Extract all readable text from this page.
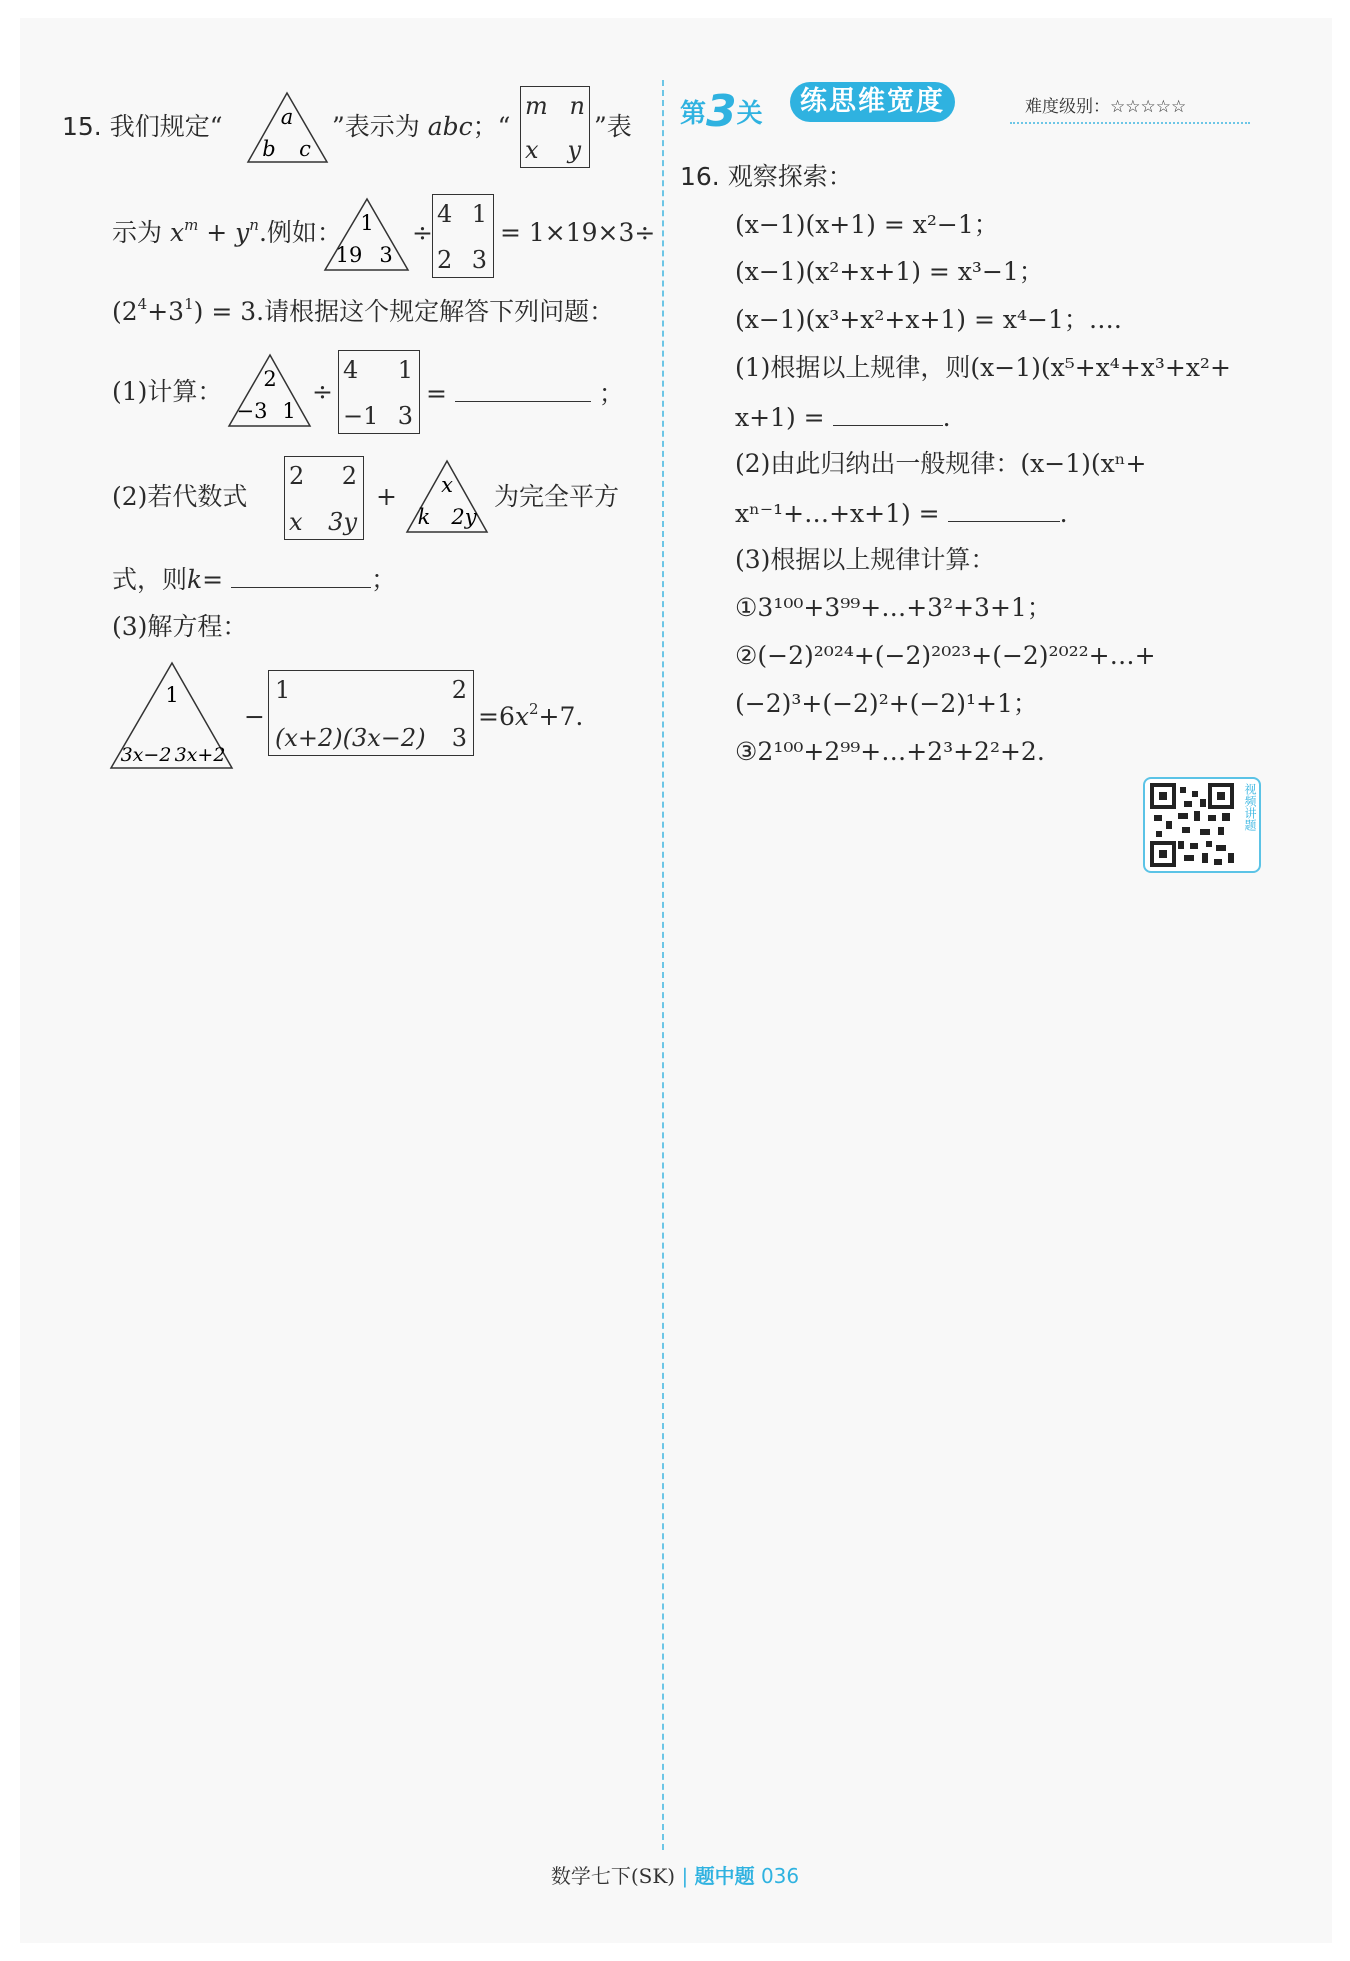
15. 我们规定“	a
b c
”表示为 abc；“
m n
x y
”表
示为 $x^m + y^n$.例如： 1
19 3
÷
4 1
2 3
= 1×19×3÷
$(2^4+3^1) = 3$.请根据这个规定解答下列问题：
(1)计算： 2
−3 1
÷
4 1
−1 3
=	；
(2)若代数式
2 2
x 3y
+ x
k 2y
为完全平方
式，则k=	；
(3)解方程：
1
3x−2 3x+2
−
1	2
(x+2)(3x−2) 3
$=6x^2+7$.
第3关	练思维宽度	难度级别：☆☆☆☆☆
16. 观察探索：
(x−1)(x+1) = x²−1；
(x−1)(x²+x+1) = x³−1；
(x−1)(x³+x²+x+1) = x⁴−1；….
(1)根据以上规律，则(x−1)(x⁵+x⁴+x³+x²+
x+1) =	.
(2)由此归纳出一般规律：(x−1)(xⁿ+
xⁿ⁻¹+…+x+1) =	.
(3)根据以上规律计算：
①3¹⁰⁰+3⁹⁹+…+3²+3+1；
②(−2)²⁰²⁴+(−2)²⁰²³+(−2)²⁰²²+…+
(−2)³+(−2)²+(−2)¹+1；
③2¹⁰⁰+2⁹⁹+…+2³+2²+2.
视频讲题
数学七下(SK) | 题中题 036
